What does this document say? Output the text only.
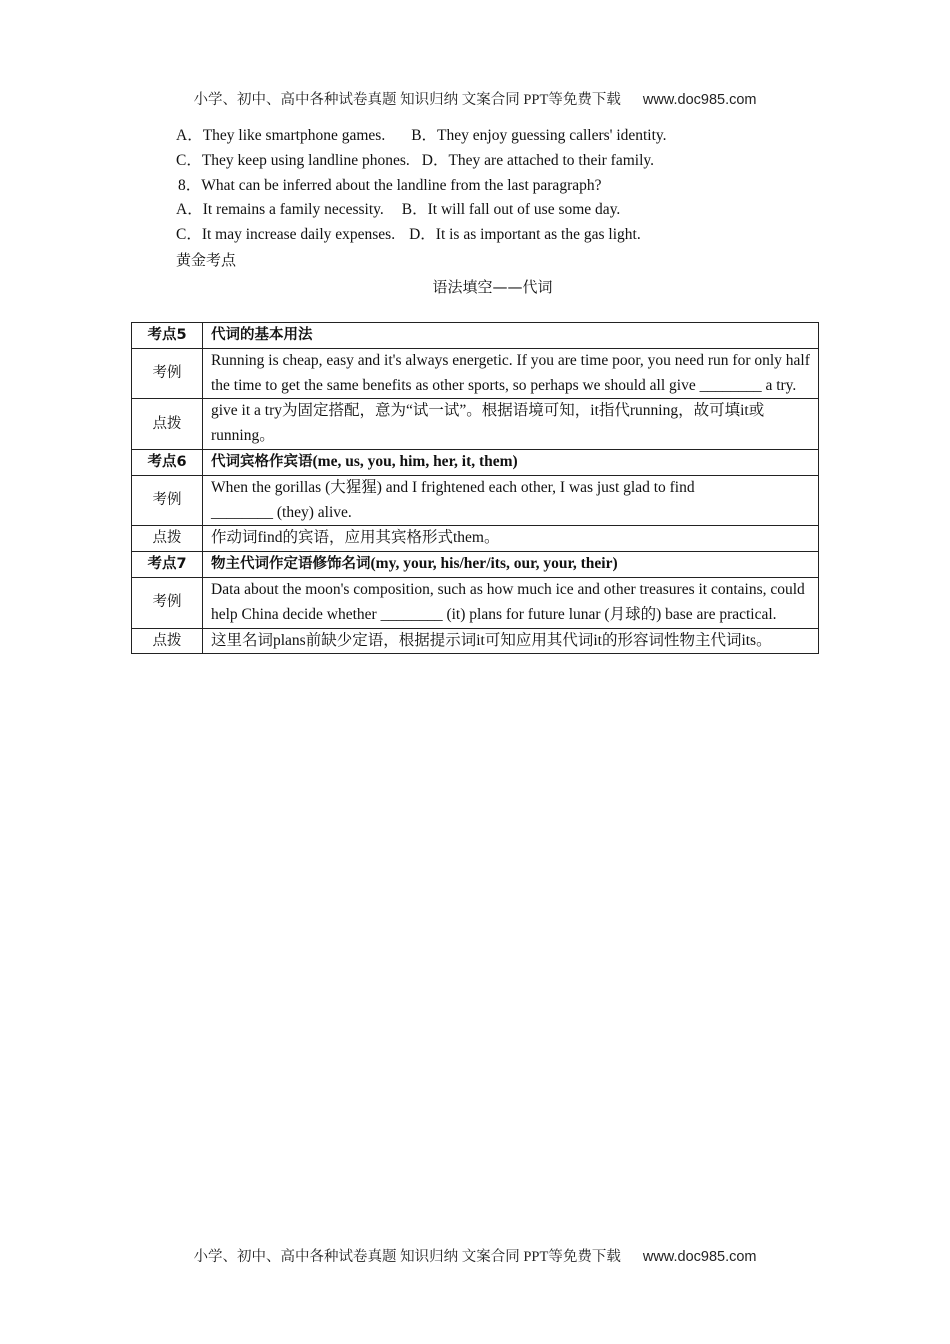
小学、初中、高中各种试卷真题 知识归纳 文案合同 PPT等免费下载 www.doc985.com
A．They like smartphone games. B．They enjoy guessing callers' identity.
C．They keep using landline phones. D．They are attached to their family.
8．What can be inferred about the landline from the last paragraph?
A．It remains a family necessity. B．It will fall out of use some day.
C．It may increase daily expenses. D．It is as important as the gas light.
黄金考点
语法填空——代词
考点5	代词的基本用法
考例	Running is cheap, easy and it's always energetic. If you are time poor, you need run for only half the time to get the same benefits as other sports, so perhaps we should all give ________ a try.
点拨	give it a try为固定搭配，意为“试一试”。根据语境可知，it指代running，故可填it或running。
考点6	代词宾格作宾语(me, us, you, him, her, it, them)
考例	When the gorillas (大猩猩) and I frightened each other, I was just glad to find
________ (they) alive.

点拨	作动词find的宾语，应用其宾格形式them。
考点7	物主代词作定语修饰名词(my, your, his/her/its, our, your, their)
考例	Data about the moon's composition, such as how much ice and other treasures it contains, could help China decide whether ________ (it) plans for future lunar (月球的) base are practical.
点拨	这里名词plans前缺少定语，根据提示词it可知应用其代词it的形容词性物主代词its。
小学、初中、高中各种试卷真题 知识归纳 文案合同 PPT等免费下载 www.doc985.com
